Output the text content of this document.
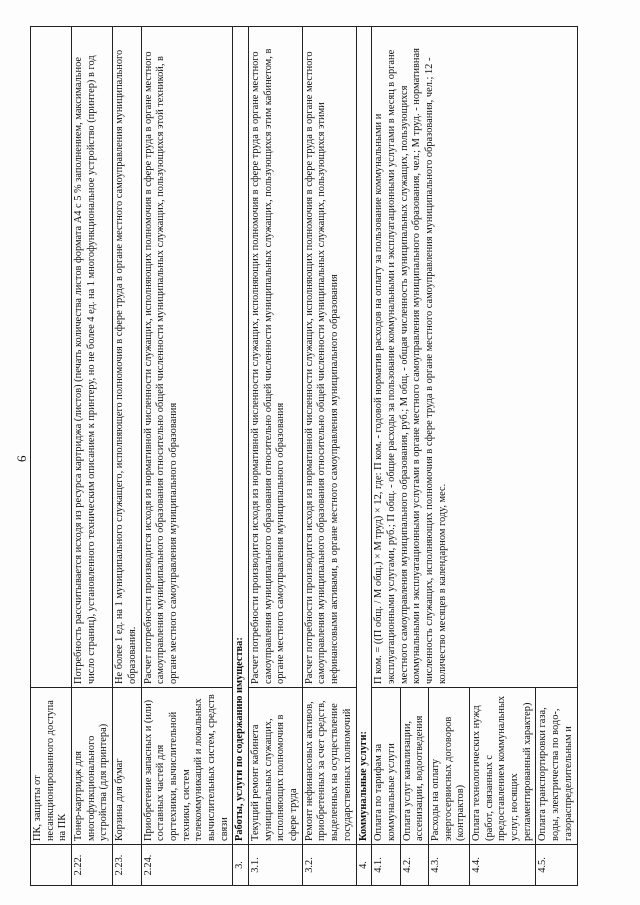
6
	ПК, защиты от несанкционированного доступа на ПК	
2.22.	Тонер-картридж для многофункционального устройства (для принтера)	Потребность рассчитывается исходя из ресурса картриджа (листов) (печать количества листов формата А4 с 5 % заполнением, максимальное число страниц), установленного техническим описанием к принтеру, но не более 4 ед. на 1 многофункциональное устройство (принтер) в год
2.23.	Корзина для бумаг	Не более 1 ед. на 1 муниципального служащего, исполняющего полномочия в сфере труда в органе местного самоуправления муниципального образования.
2.24.	Приобретение запасных и (или) составных частей для оргтехники, вычислительной техники, систем телекоммуникаций и локальных вычислительных систем, средств связи	Расчет потребности производится исходя из нормативной численности служащих, исполняющих полномочия в сфере труда в органе местного самоуправления муниципального образования относительно общей численности муниципальных служащих, пользующихся этой техникой, в органе местного самоуправления муниципального образования
3.	Работы, услуги по содержанию имущества:	
3.1.	Текущий ремонт кабинета муниципальных служащих, исполняющих полномочия в сфере труда	Расчет потребности производится исходя из нормативной численности служащих, исполняющих полномочия в сфере труда в органе местного самоуправления муниципального образования относительно общей численности муниципальных служащих, пользующихся этим кабинетом, в органе местного самоуправления муниципального образования
3.2.	Ремонт нефинансовых активов, приобретенных за счет средств, выделенных на осуществление государственных полномочий	Расчет потребности производится исходя из нормативной численности служащих, исполняющих полномочия в сфере труда в органе местного самоуправления муниципального образования относительно общей численности муниципальных служащих, пользующихся этими нефинансовыми активами, в органе местного самоуправления муниципального образования
4.	Коммунальные услуги:	
4.1.	Оплата по тарифам за коммунальные услуги	П ком. = ((П общ. / М общ.) × М труд) × 12, где: П ком. - годовой норматив расходов на оплату за пользование коммунальными и эксплуатационными услугами, руб.; П общ. - общие расходы за пользование коммунальными и эксплуатационными услугами в месяц в органе местного самоуправления муниципального образования, руб.; М общ. - общая численность муниципальных служащих, пользующихся коммунальными и эксплуатационными услугами в органе местного самоуправления муниципального образования, чел.; М труд. - нормативная численность служащих, исполняющих полномочия в сфере труда в органе местного самоуправления муниципального образования, чел.; 12 - количество месяцев в календарном году, мес.
4.2.	Оплата услуг канализации, ассенизации, водоотведения	
4.3.	Расходы на оплату энергосервисных договоров (контрактов)	
4.4.	Оплата технологических нужд (работ, связанных с предоставлением коммунальных услуг, носящих регламентированный характер)	
4.5.	Оплата транспортировки газа, воды, электричества по водо-, газораспределительным и	
